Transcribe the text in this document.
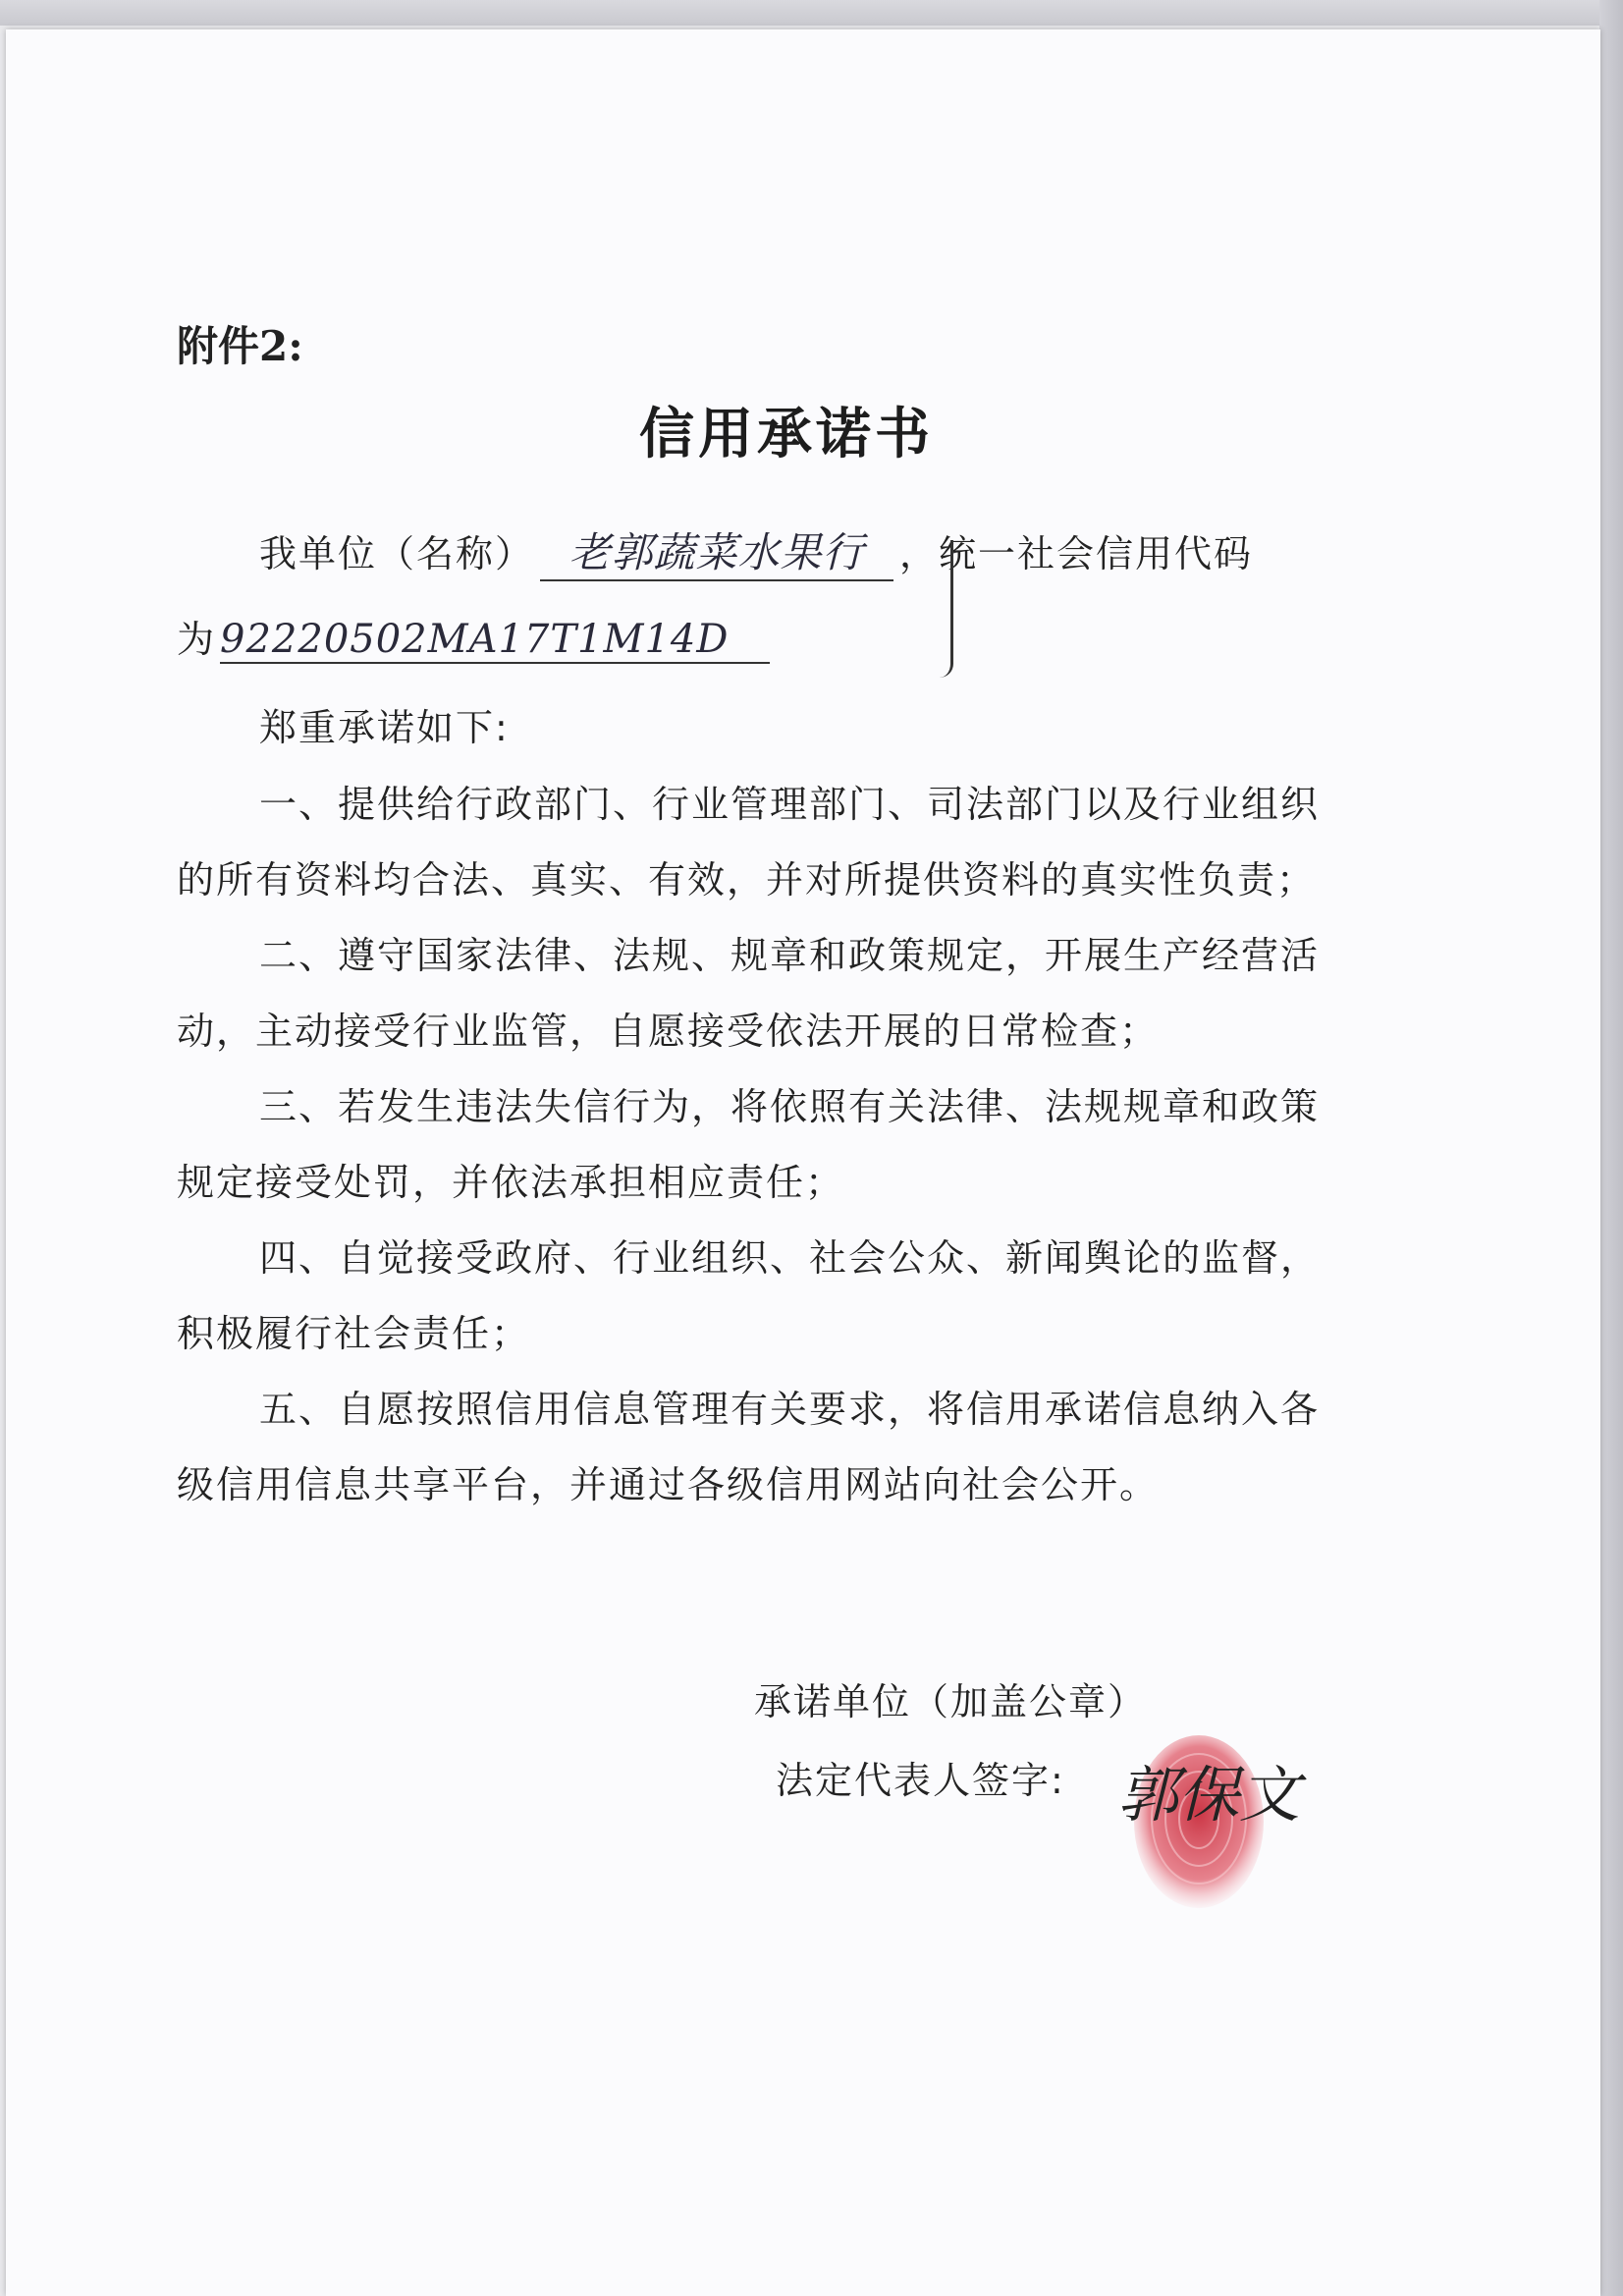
附件2:
信用承诺书
我单位（名称） 老郭蔬菜水果行 ，统一社会信用代码
为 92220502MA17T1M14D
郑重承诺如下:
一、提供给行政部门、行业管理部门、司法部门以及行业组织
的所有资料均合法、真实、有效，并对所提供资料的真实性负责；
二、遵守国家法律、法规、规章和政策规定，开展生产经营活
动，主动接受行业监管，自愿接受依法开展的日常检查；
三、若发生违法失信行为，将依照有关法律、法规规章和政策
规定接受处罚，并依法承担相应责任；
四、自觉接受政府、行业组织、社会公众、新闻舆论的监督，
积极履行社会责任；
五、自愿按照信用信息管理有关要求，将信用承诺信息纳入各
级信用信息共享平台，并通过各级信用网站向社会公开。
承诺单位（加盖公章）
法定代表人签字: 郭保文
